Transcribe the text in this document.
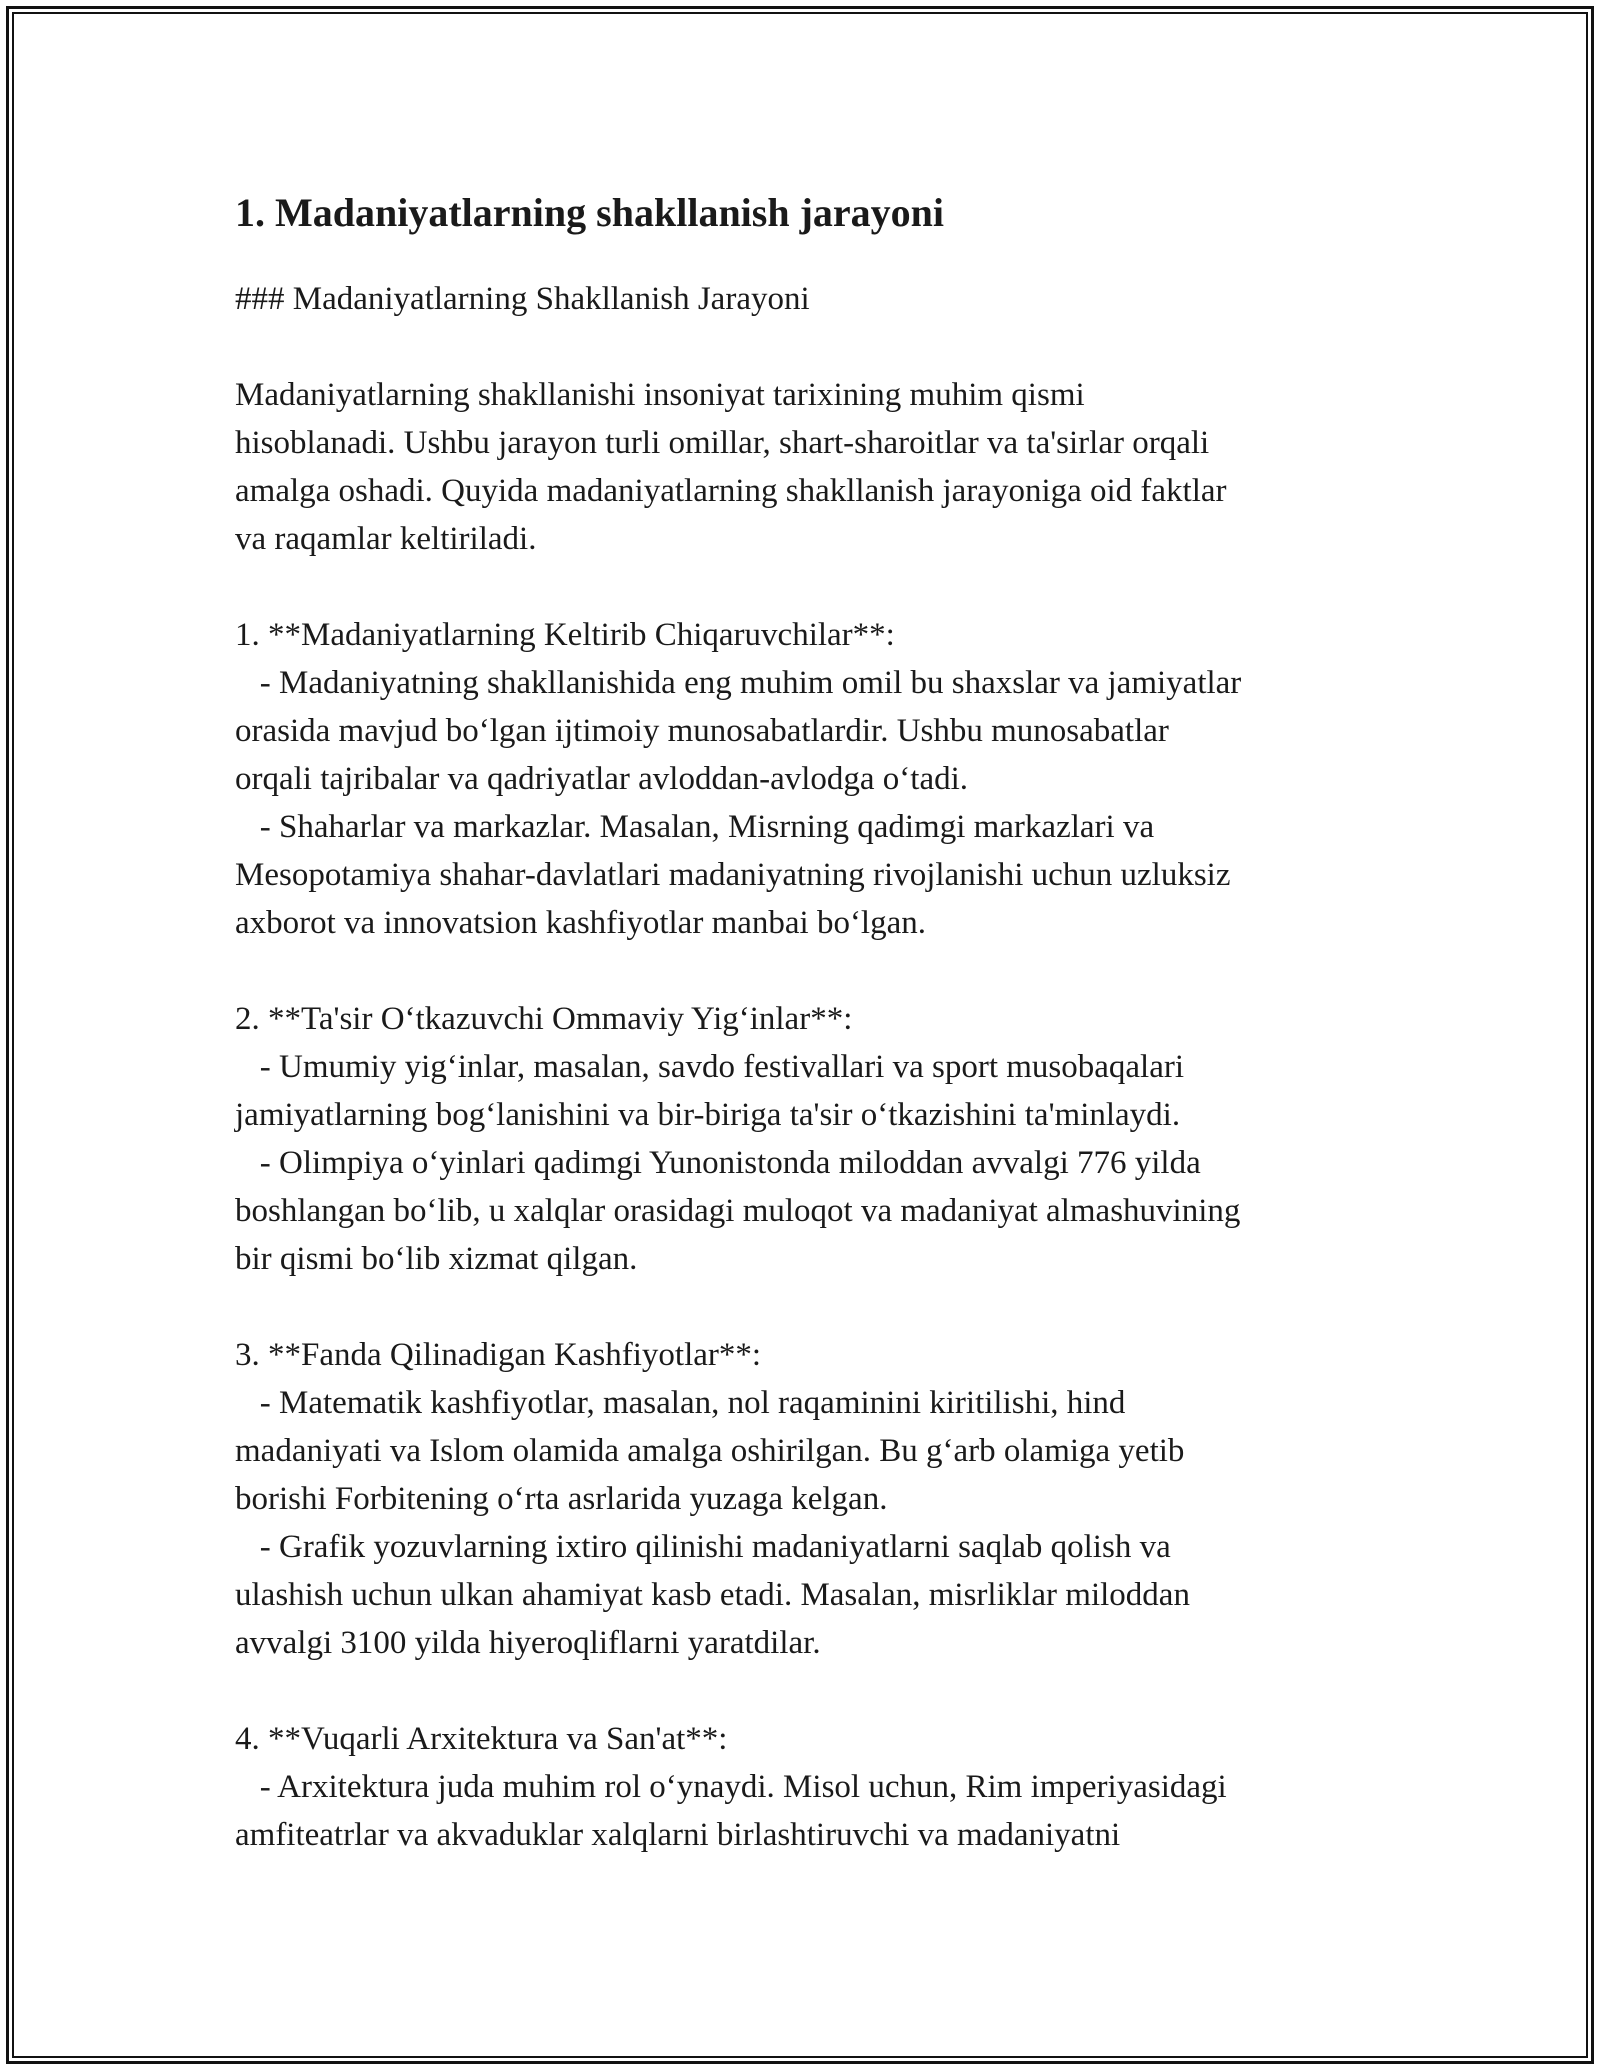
1. Madaniyatlarning shakllanish jarayoni
### Madaniyatlarning Shakllanish Jarayoni
Madaniyatlarning shakllanishi insoniyat tarixining muhim qismi
hisoblanadi. Ushbu jarayon turli omillar, shart-sharoitlar va ta'sirlar orqali
amalga oshadi. Quyida madaniyatlarning shakllanish jarayoniga oid faktlar
va raqamlar keltiriladi.
1. **Madaniyatlarning Keltirib Chiqaruvchilar**:
- Madaniyatning shakllanishida eng muhim omil bu shaxslar va jamiyatlar
orasida mavjud bo‘lgan ijtimoiy munosabatlardir. Ushbu munosabatlar
orqali tajribalar va qadriyatlar avloddan-avlodga o‘tadi.
- Shaharlar va markazlar. Masalan, Misrning qadimgi markazlari va
Mesopotamiya shahar-davlatlari madaniyatning rivojlanishi uchun uzluksiz
axborot va innovatsion kashfiyotlar manbai bo‘lgan.
2. **Ta'sir O‘tkazuvchi Ommaviy Yig‘inlar**:
- Umumiy yig‘inlar, masalan, savdo festivallari va sport musobaqalari
jamiyatlarning bog‘lanishini va bir-biriga ta'sir o‘tkazishini ta'minlaydi.
- Olimpiya o‘yinlari qadimgi Yunonistonda miloddan avvalgi 776 yilda
boshlangan bo‘lib, u xalqlar orasidagi muloqot va madaniyat almashuvining
bir qismi bo‘lib xizmat qilgan.
3. **Fanda Qilinadigan Kashfiyotlar**:
- Matematik kashfiyotlar, masalan, nol raqaminini kiritilishi, hind
madaniyati va Islom olamida amalga oshirilgan. Bu g‘arb olamiga yetib
borishi Forbitening o‘rta asrlarida yuzaga kelgan.
- Grafik yozuvlarning ixtiro qilinishi madaniyatlarni saqlab qolish va
ulashish uchun ulkan ahamiyat kasb etadi. Masalan, misrliklar miloddan
avvalgi 3100 yilda hiyeroqliflarni yaratdilar.
4. **Vuqarli Arxitektura va San'at**:
- Arxitektura juda muhim rol o‘ynaydi. Misol uchun, Rim imperiyasidagi
amfiteatrlar va akvaduklar xalqlarni birlashtiruvchi va madaniyatni
